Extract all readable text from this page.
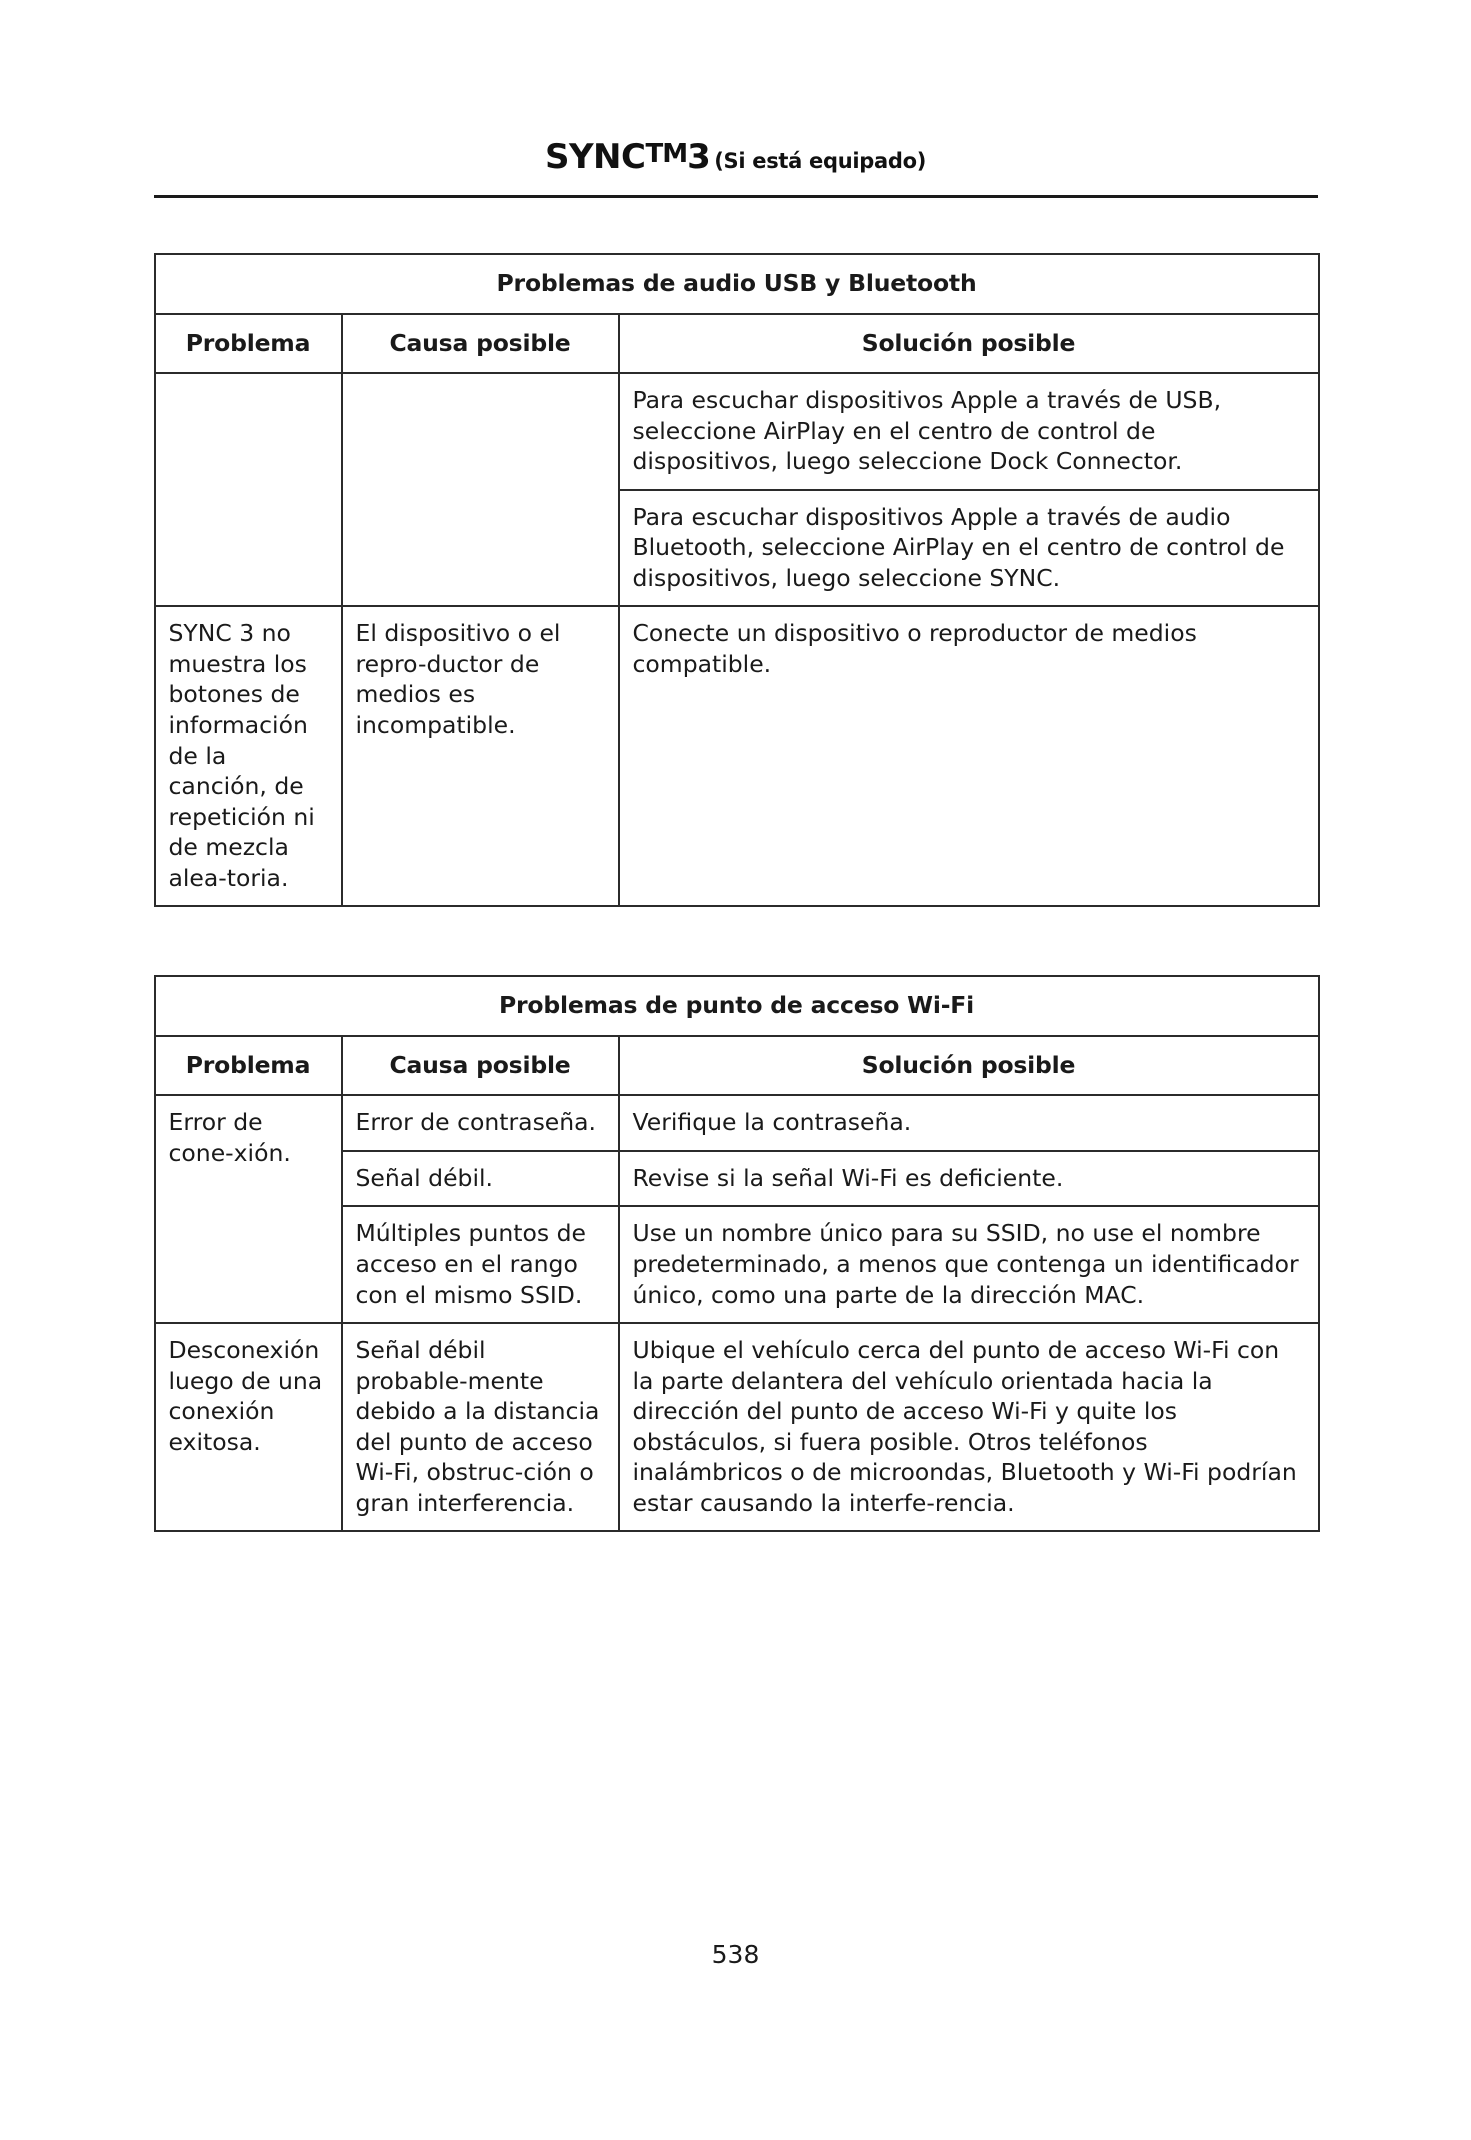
SYNCTM3 (Si está equipado)
Problemas de audio USB y Bluetooth		
Problema	Causa posible	Solución posible
		Para escuchar dispositivos Apple a través de USB, seleccione AirPlay en el centro de control de dispositivos, luego seleccione Dock Connector.
		Para escuchar dispositivos Apple a través de audio Bluetooth, seleccione AirPlay en el centro de control de dispositivos, luego seleccione SYNC.
SYNC 3 no muestra los botones de información de la canción, de repetición ni de mezcla alea-toria.	El dispositivo o el repro-ductor de medios es incompatible.	Conecte un dispositivo o reproductor de medios compatible.
Problemas de punto de acceso Wi-Fi		
Problema	Causa posible	Solución posible
Error de cone-xión.	Error de contraseña.	Verifique la contraseña.
	Señal débil.	Revise si la señal Wi-Fi es deficiente.
	Múltiples puntos de acceso en el rango con el mismo SSID.	Use un nombre único para su SSID, no use el nombre predeterminado, a menos que contenga un identificador único, como una parte de la dirección MAC.
Desconexión luego de una conexión exitosa.	Señal débil probable-mente debido a la distancia del punto de acceso Wi-Fi, obstruc-ción o gran interferencia.	Ubique el vehículo cerca del punto de acceso Wi-Fi con la parte delantera del vehículo orientada hacia la dirección del punto de acceso Wi-Fi y quite los obstáculos, si fuera posible. Otros teléfonos inalámbricos o de microondas, Bluetooth y Wi-Fi podrían estar causando la interfe-rencia.
538
